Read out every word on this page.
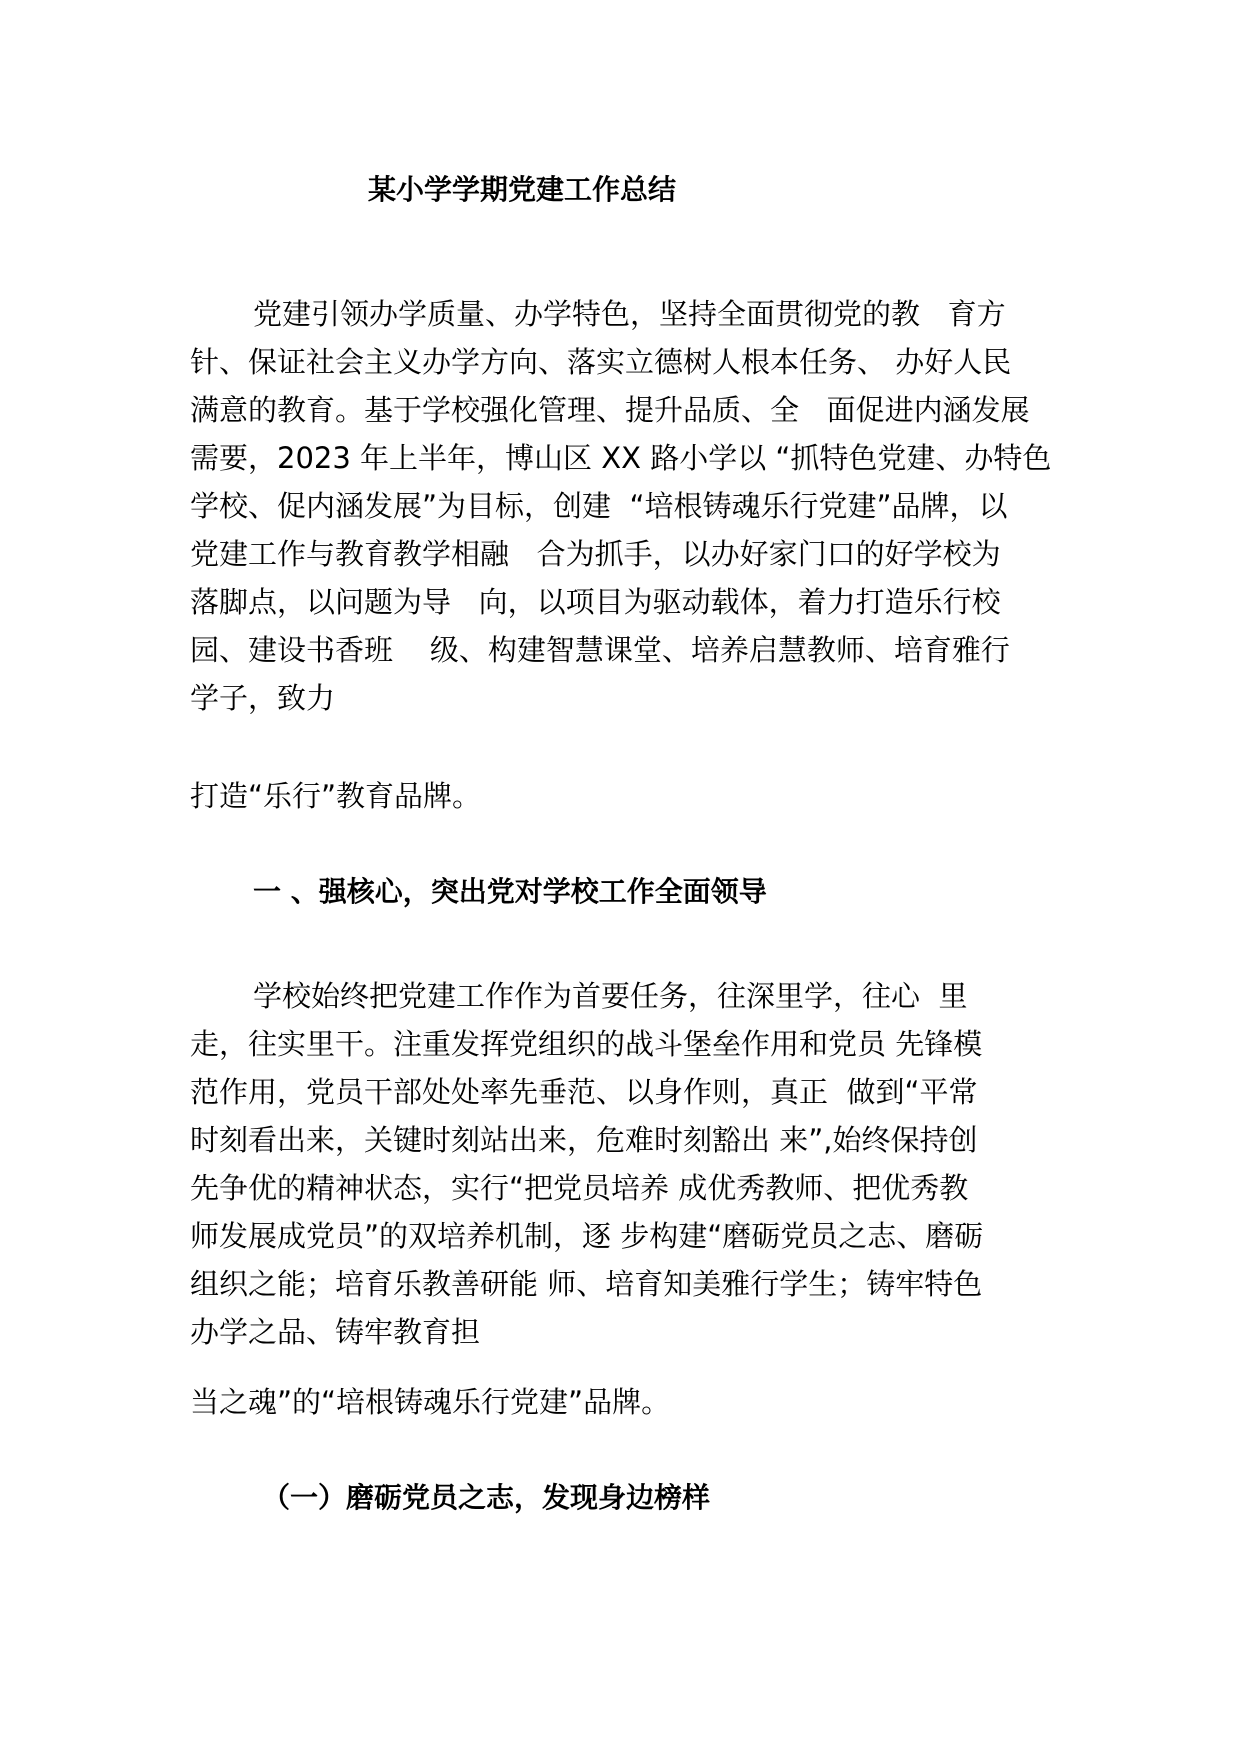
某小学学期党建工作总结
党建引领办学质量、办学特色，坚持全面贯彻党的教   育方
针、保证社会主义办学方向、落实立德树人根本任务、 办好人民
满意的教育。基于学校强化管理、提升品质、全   面促进内涵发展
需要，2023 年上半年，博山区 XX 路小学以 “抓特色党建、办特色
学校、促内涵发展”为目标，创建  “培根铸魂乐行党建”品牌，以
党建工作与教育教学相融   合为抓手，以办好家门口的好学校为
落脚点，以问题为导   向，以项目为驱动载体，着力打造乐行校
园、建设书香班    级、构建智慧课堂、培养启慧教师、培育雅行
学子，致力
打造“乐行”教育品牌。
一 、强核心，突出党对学校工作全面领导
学校始终把党建工作作为首要任务，往深里学，往心  里
走，往实里干。注重发挥党组织的战斗堡垒作用和党员 先锋模
范作用，党员干部处处率先垂范、以身作则，真正  做到“平常
时刻看出来，关键时刻站出来，危难时刻豁出 来”,始终保持创
先争优的精神状态，实行“把党员培养 成优秀教师、把优秀教
师发展成党员”的双培养机制，逐 步构建“磨砺党员之志、磨砺
组织之能；培育乐教善研能 师、培育知美雅行学生；铸牢特色
办学之品、铸牢教育担
当之魂”的“培根铸魂乐行党建”品牌。
（一）磨砺党员之志，发现身边榜样
